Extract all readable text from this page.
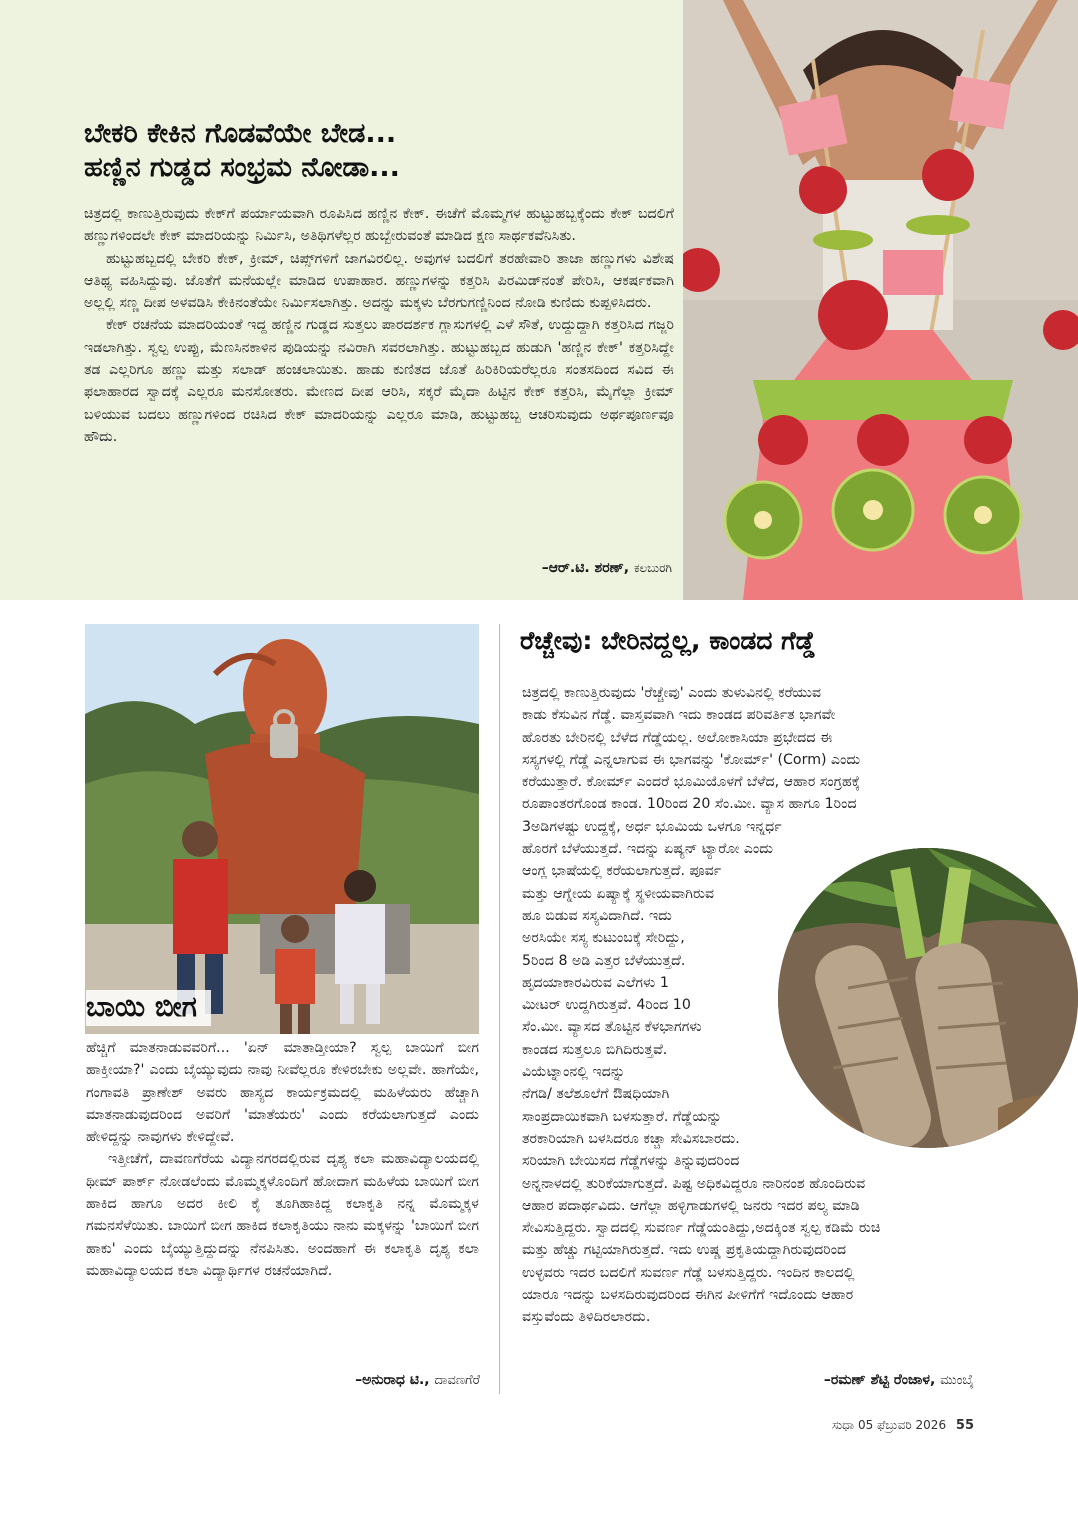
ಬೇಕರಿ ಕೇಕಿನ ಗೊಡವೆಯೇ ಬೇಡ...
ಹಣ್ಣಿನ ಗುಡ್ಡದ ಸಂಭ್ರಮ ನೋಡಾ...

ಚಿತ್ರದಲ್ಲಿ ಕಾಣುತ್ತಿರುವುದು ಕೇಕ್‌ಗೆ ಪರ್ಯಾಯವಾಗಿ ರೂಪಿಸಿದ ಹಣ್ಣಿನ ಕೇಕ್. ಈಚೆಗೆ ಮೊಮ್ಮಗಳ ಹುಟ್ಟುಹಬ್ಬಕ್ಕೆಂದು ಕೇಕ್ ಬದಲಿಗೆ ಹಣ್ಣುಗಳಿಂದಲೇ ಕೇಕ್ ಮಾದರಿಯನ್ನು ನಿರ್ಮಿಸಿ, ಅತಿಥಿಗಳೆಲ್ಲರ ಹುಬ್ಬೇರುವಂತೆ ಮಾಡಿದ ಕ್ಷಣ ಸಾರ್ಥಕವೆನಿಸಿತು.

ಹುಟ್ಟುಹಬ್ಬದಲ್ಲಿ ಬೇಕರಿ ಕೇಕ್, ಕ್ರೀಮ್, ಚಿಪ್ಸ್‌ಗಳಿಗೆ ಜಾಗವಿರಲಿಲ್ಲ. ಅವುಗಳ ಬದಲಿಗೆ ತರಹೇವಾರಿ ತಾಜಾ ಹಣ್ಣುಗಳು ವಿಶೇಷ ಆತಿಥ್ಯ ವಹಿಸಿದ್ದುವು. ಜೊತೆಗೆ ಮನೆಯಲ್ಲೇ ಮಾಡಿದ ಉಪಾಹಾರ. ಹಣ್ಣುಗಳನ್ನು ಕತ್ತರಿಸಿ ಪಿರಮಿಡ್‌ನಂತೆ ಪೇರಿಸಿ, ಆಕರ್ಷಕವಾಗಿ ಅಲ್ಲಲ್ಲಿ ಸಣ್ಣ ದೀಪ ಅಳವಡಿಸಿ ಕೇಕಿನಂತೆಯೇ ನಿರ್ಮಿಸಲಾಗಿತ್ತು. ಅದನ್ನು ಮಕ್ಕಳು ಬೆರಗುಗಣ್ಣಿನಿಂದ ನೋಡಿ ಕುಣಿದು ಕುಪ್ಪಳಿಸಿದರು.

ಕೇಕ್ ರಚನೆಯ ಮಾದರಿಯಂತೆ ಇದ್ದ ಹಣ್ಣಿನ ಗುಡ್ಡದ ಸುತ್ತಲು ಪಾರದರ್ಶಕ ಗ್ಲಾಸುಗಳಲ್ಲಿ ಎಳೆ ಸೌತೆ, ಉದ್ದುದ್ದಾಗಿ ಕತ್ತರಿಸಿದ ಗಜ್ಜರಿ ಇಡಲಾಗಿತ್ತು. ಸ್ವಲ್ಪ ಉಪ್ಪು, ಮೆಣಸಿನಕಾಳಿನ ಪುಡಿಯನ್ನು ನವಿರಾಗಿ ಸವರಲಾಗಿತ್ತು. ಹುಟ್ಟುಹಬ್ಬದ ಹುಡುಗಿ 'ಹಣ್ಣಿನ ಕೇಕ್' ಕತ್ತರಿಸಿದ್ದೇ ತಡ ಎಲ್ಲರಿಗೂ ಹಣ್ಣು ಮತ್ತು ಸಲಾಡ್ ಹಂಚಲಾಯಿತು. ಹಾಡು ಕುಣಿತದ ಜೊತೆ ಹಿರಿಕಿರಿಯರೆಲ್ಲರೂ ಸಂತಸದಿಂದ ಸವಿದ ಈ ಫಲಾಹಾರದ ಸ್ವಾದಕ್ಕೆ ಎಲ್ಲರೂ ಮನಸೋತರು. ಮೇಣದ ದೀಪ ಆರಿಸಿ, ಸಕ್ಕರೆ ಮೈದಾ ಹಿಟ್ಟಿನ ಕೇಕ್ ಕತ್ತರಿಸಿ, ಮೈಗೆಲ್ಲಾ ಕ್ರೀಮ್ ಬಳಿಯುವ ಬದಲು ಹಣ್ಣುಗಳಿಂದ ರಚಿಸಿದ ಕೇಕ್ ಮಾದರಿಯನ್ನು ಎಲ್ಲರೂ ಮಾಡಿ, ಹುಟ್ಟುಹಬ್ಬ ಆಚರಿಸುವುದು ಅರ್ಥಪೂರ್ಣವೂ ಹೌದು.

–ಆರ್.ಟಿ. ಶರಣ್, ಕಲಬುರಗಿ
ಬಾಯಿ ಬೀಗ

ಹೆಚ್ಚಿಗೆ ಮಾತನಾಡುವವರಿಗೆ... 'ಏನ್ ಮಾತಾಡ್ತೀಯಾ? ಸ್ವಲ್ಪ ಬಾಯಿಗೆ ಬೀಗ ಹಾಕ್ತೀಯಾ?' ಎಂದು ಬೈಯ್ಯುವುದು ನಾವು ನೀವೆಲ್ಲರೂ ಕೇಳಿರಬೇಕು ಅಲ್ಲವೇ. ಹಾಗೆಯೇ, ಗಂಗಾವತಿ ಪ್ರಾಣೇಶ್ ಅವರು ಹಾಸ್ಯದ ಕಾರ್ಯಕ್ರಮದಲ್ಲಿ ಮಹಿಳೆಯರು ಹೆಚ್ಚಾಗಿ ಮಾತನಾಡುವುದರಿಂದ ಅವರಿಗೆ 'ಮಾತೆಯರು' ಎಂದು ಕರೆಯಲಾಗುತ್ತದೆ ಎಂದು ಹೇಳಿದ್ದನ್ನು ನಾವುಗಳು ಕೇಳಿದ್ದೇವೆ.

ಇತ್ತೀಚೆಗೆ, ದಾವಣಗೆರೆಯ ವಿದ್ಯಾನಗರದಲ್ಲಿರುವ ದೃಶ್ಯ ಕಲಾ ಮಹಾವಿದ್ಯಾಲಯದಲ್ಲಿ ಥೀಮ್ ಪಾರ್ಕ್ ನೋಡಲೆಂದು ಮೊಮ್ಮಕ್ಕಳೊಂದಿಗೆ ಹೋದಾಗ ಮಹಿಳೆಯ ಬಾಯಿಗೆ ಬೀಗ ಹಾಕಿದ ಹಾಗೂ ಅದರ ಕೀಲಿ ಕೈ ತೂಗಿಹಾಕಿದ್ದ ಕಲಾಕೃತಿ ನನ್ನ ಮೊಮ್ಮಕ್ಕಳ ಗಮನಸೆಳೆಯಿತು. ಬಾಯಿಗೆ ಬೀಗ ಹಾಕಿದ ಕಲಾಕೃತಿಯು ನಾನು ಮಕ್ಕಳನ್ನು 'ಬಾಯಿಗೆ ಬೀಗ ಹಾಕು' ಎಂದು ಬೈಯ್ಯುತ್ತಿದ್ದುದನ್ನು ನೆನಪಿಸಿತು. ಅಂದಹಾಗೆ ಈ ಕಲಾಕೃತಿ ದೃಶ್ಯ ಕಲಾ ಮಹಾವಿದ್ಯಾಲಯದ ಕಲಾ ವಿದ್ಯಾರ್ಥಿಗಳ ರಚನೆಯಾಗಿದೆ.

–ಅನುರಾಧ ಟಿ., ದಾವಣಗೆರೆ
ರೆಚ್ಚೇವು: ಬೇರಿನದ್ದಲ್ಲ, ಕಾಂಡದ ಗೆಡ್ಡೆ
ಚಿತ್ರದಲ್ಲಿ ಕಾಣುತ್ತಿರುವುದು 'ರೆಚ್ಚೇವು' ಎಂದು ತುಳುವಿನಲ್ಲಿ ಕರೆಯುವ
ಕಾಡು ಕೆಸುವಿನ ಗೆಡ್ಡೆ. ವಾಸ್ತವವಾಗಿ ಇದು ಕಾಂಡದ ಪರಿವರ್ತಿತ ಭಾಗವೇ
ಹೊರತು ಬೇರಿನಲ್ಲಿ ಬೆಳೆದ ಗೆಡ್ಡೆಯಲ್ಲ. ಅಲೋಕಾಸಿಯಾ ಪ್ರಭೇದದ ಈ
ಸಸ್ಯಗಳಲ್ಲಿ ಗೆಡ್ಡೆ ಎನ್ನಲಾಗುವ ಈ ಭಾಗವನ್ನು 'ಕೋರ್ಮ್' (Corm) ಎಂದು
ಕರೆಯುತ್ತಾರೆ. ಕೋರ್ಮ್ ಎಂದರೆ ಭೂಮಿಯೊಳಗೆ ಬೆಳೆದ, ಆಹಾರ ಸಂಗ್ರಹಕ್ಕೆ
ರೂಪಾಂತರಗೊಂಡ ಕಾಂಡ. 10ರಿಂದ 20 ಸೆಂ.ಮೀ. ವ್ಯಾಸ ಹಾಗೂ 1ರಿಂದ
3ಅಡಿಗಳಷ್ಟು ಉದ್ದಕ್ಕೆ, ಅರ್ಧ ಭೂಮಿಯ ಒಳಗೂ ಇನ್ನರ್ಧ
ಹೊರಗೆ ಬೆಳೆಯುತ್ತದೆ. ಇದನ್ನು ಏಷ್ಯನ್ ಟ್ಯಾರೋ ಎಂದು
ಆಂಗ್ಲ ಭಾಷೆಯಲ್ಲಿ ಕರೆಯಲಾಗುತ್ತದೆ. ಪೂರ್ವ
ಮತ್ತು ಆಗ್ನೇಯ ಏಷ್ಯಾಕ್ಕೆ ಸ್ಥಳೀಯವಾಗಿರುವ
ಹೂ ಬಿಡುವ ಸಸ್ಯವಿದಾಗಿದೆ. ಇದು
ಅರಸಿಯೇ ಸಸ್ಯ ಕುಟುಂಬಕ್ಕೆ ಸೇರಿದ್ದು,
5ರಿಂದ 8 ಅಡಿ ಎತ್ತರ ಬೆಳೆಯುತ್ತದೆ.
ಹೃದಯಾಕಾರವಿರುವ ಎಲೆಗಳು 1
ಮೀಟರ್ ಉದ್ದಗಿರುತ್ತವೆ. 4ರಿಂದ 10
ಸೆಂ.ಮೀ. ವ್ಯಾಸದ ತೊಟ್ಟಿನ ಕೆಳಭಾಗಗಳು
ಕಾಂಡದ ಸುತ್ತಲೂ ಬಿಗಿದಿರುತ್ತವೆ.
ವಿಯೆಟ್ನಾಂನಲ್ಲಿ ಇದನ್ನು
ನೆಗಡಿ/ ತಲೆಶೂಲೆಗೆ ಔಷಧಿಯಾಗಿ
ಸಾಂಪ್ರದಾಯಿಕವಾಗಿ ಬಳಸುತ್ತಾರೆ. ಗೆಡ್ಡೆಯನ್ನು
ತರಕಾರಿಯಾಗಿ ಬಳಸಿದರೂ ಕಚ್ಚಾ ಸೇವಿಸಬಾರದು.
ಸರಿಯಾಗಿ ಬೇಯಿಸದ ಗೆಡ್ಡೆಗಳನ್ನು ತಿನ್ನುವುದರಿಂದ
ಅನ್ನನಾಳದಲ್ಲಿ ತುರಿಕೆಯಾಗುತ್ತದೆ. ಪಿಷ್ಟ ಅಧಿಕವಿದ್ದರೂ ನಾರಿನಂಶ ಹೊಂದಿರುವ
ಆಹಾರ ಪದಾರ್ಥವಿದು. ಆಗೆಲ್ಲಾ ಹಳ್ಳಿಗಾಡುಗಳಲ್ಲಿ ಜನರು ಇದರ ಪಲ್ಯ ಮಾಡಿ
ಸೇವಿಸುತ್ತಿದ್ದರು. ಸ್ವಾದದಲ್ಲಿ ಸುವರ್ಣ ಗೆಡ್ಡೆಯಂತಿದ್ದು,ಅದಕ್ಕಿಂತ ಸ್ವಲ್ಪ ಕಡಿಮೆ ರುಚಿ
ಮತ್ತು ಹೆಚ್ಚು ಗಟ್ಟಿಯಾಗಿರುತ್ತದೆ. ಇದು ಉಷ್ಣ ಪ್ರಕೃತಿಯದ್ದಾಗಿರುವುದರಿಂದ
ಉಳ್ಳವರು ಇದರ ಬದಲಿಗೆ ಸುವರ್ಣ ಗೆಡ್ಡೆ ಬಳಸುತ್ತಿದ್ದರು. ಇಂದಿನ ಕಾಲದಲ್ಲಿ
ಯಾರೂ ಇದನ್ನು ಬಳಸದಿರುವುದರಿಂದ ಈಗಿನ ಪೀಳಿಗೆಗೆ ಇದೊಂದು ಆಹಾರ
ವಸ್ತುವೆಂದು ತಿಳಿದಿರಲಾರದು.
–ರಮಣ್ ಶೆಟ್ಟಿ ರೆಂಜಾಳ, ಮುಂಬೈ
ಸುಧಾ 05 ಫೆಬ್ರುವರಿ 2026 55
